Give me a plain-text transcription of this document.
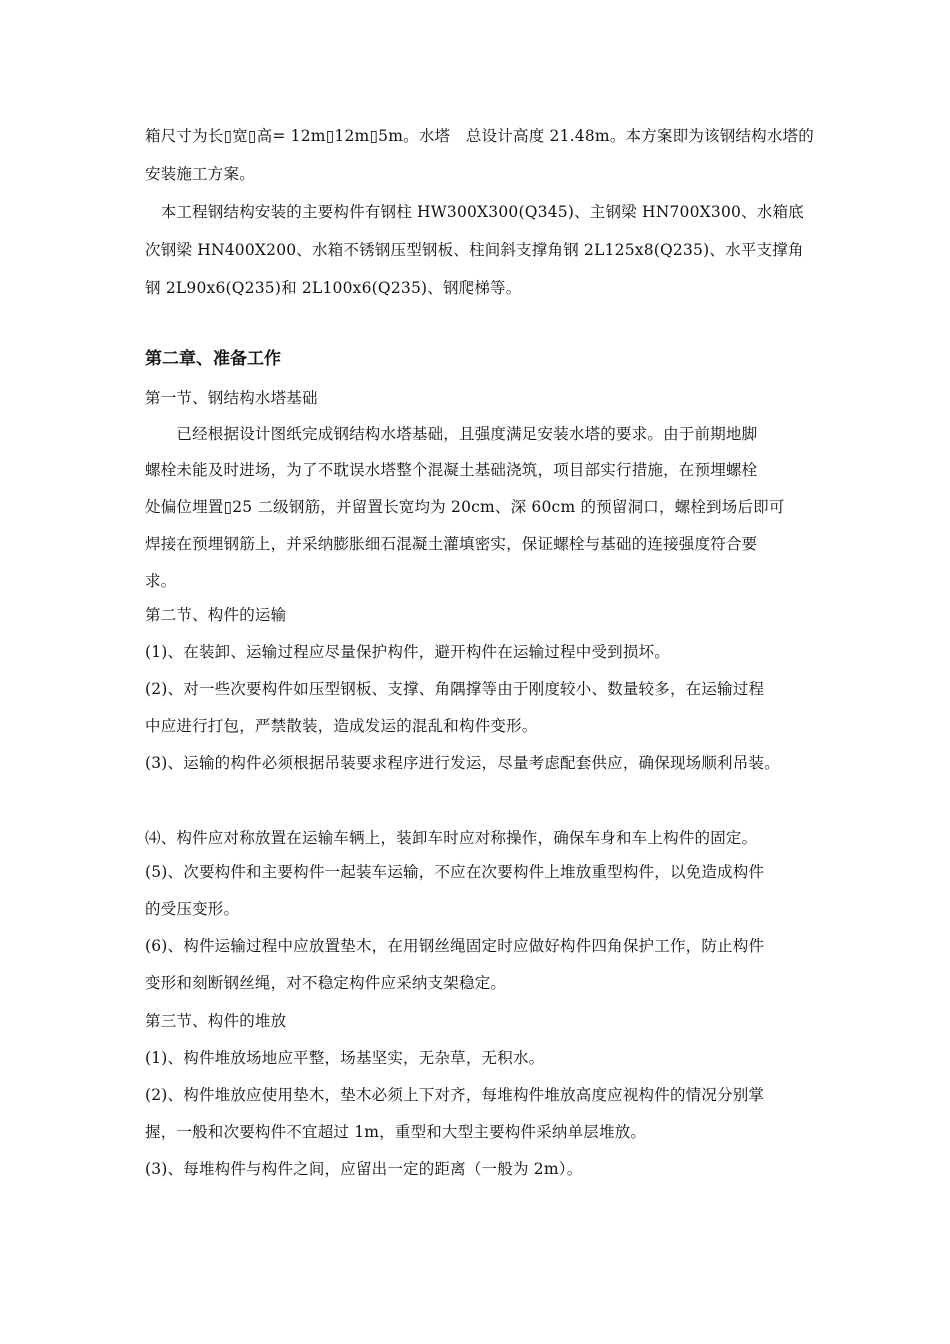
箱尺寸为长▯宽▯高= 12m▯12m▯5m。水塔　总设计高度 21.48m。本方案即为该钢结构水塔的
安装施工方案。
　本工程钢结构安装的主要构件有钢柱 HW300X300(Q345)、主钢梁 HN700X300、水箱底
次钢梁 HN400X200、水箱不锈钢压型钢板、柱间斜支撑角钢 2L125x8(Q235)、水平支撑角
钢 2L90x6(Q235)和 2L100x6(Q235)、钢爬梯等。
第二章、准备工作
第一节、钢结构水塔基础
　　已经根据设计图纸完成钢结构水塔基础，且强度满足安装水塔的要求。由于前期地脚
螺栓未能及时进场，为了不耽误水塔整个混凝土基础浇筑，项目部实行措施，在预埋螺栓
处偏位埋置▯25 二级钢筋，并留置长宽均为 20cm、深 60cm 的预留洞口，螺栓到场后即可
焊接在预埋钢筋上，并采纳膨胀细石混凝土灌填密实，保证螺栓与基础的连接强度符合要
求。
第二节、构件的运输
(1)、在装卸、运输过程应尽量保护构件，避开构件在运输过程中受到损坏。
(2)、对一些次要构件如压型钢板、支撑、角隅撑等由于刚度较小、数量较多，在运输过程
中应进行打包，严禁散装，造成发运的混乱和构件变形。
(3)、运输的构件必须根据吊装要求程序进行发运，尽量考虑配套供应，确保现场顺利吊装。
⑷、构件应对称放置在运输车辆上，装卸车时应对称操作，确保车身和车上构件的固定。
(5)、次要构件和主要构件一起装车运输，不应在次要构件上堆放重型构件，以免造成构件
的受压变形。
(6)、构件运输过程中应放置垫木，在用钢丝绳固定时应做好构件四角保护工作，防止构件
变形和刻断钢丝绳，对不稳定构件应采纳支架稳定。
第三节、构件的堆放
(1)、构件堆放场地应平整，场基坚实，无杂草，无积水。
(2)、构件堆放应使用垫木，垫木必须上下对齐，每堆构件堆放高度应视构件的情况分别掌
握，一般和次要构件不宜超过 1m，重型和大型主要构件采纳单层堆放。
(3)、每堆构件与构件之间，应留出一定的距离（一般为 2m）。
